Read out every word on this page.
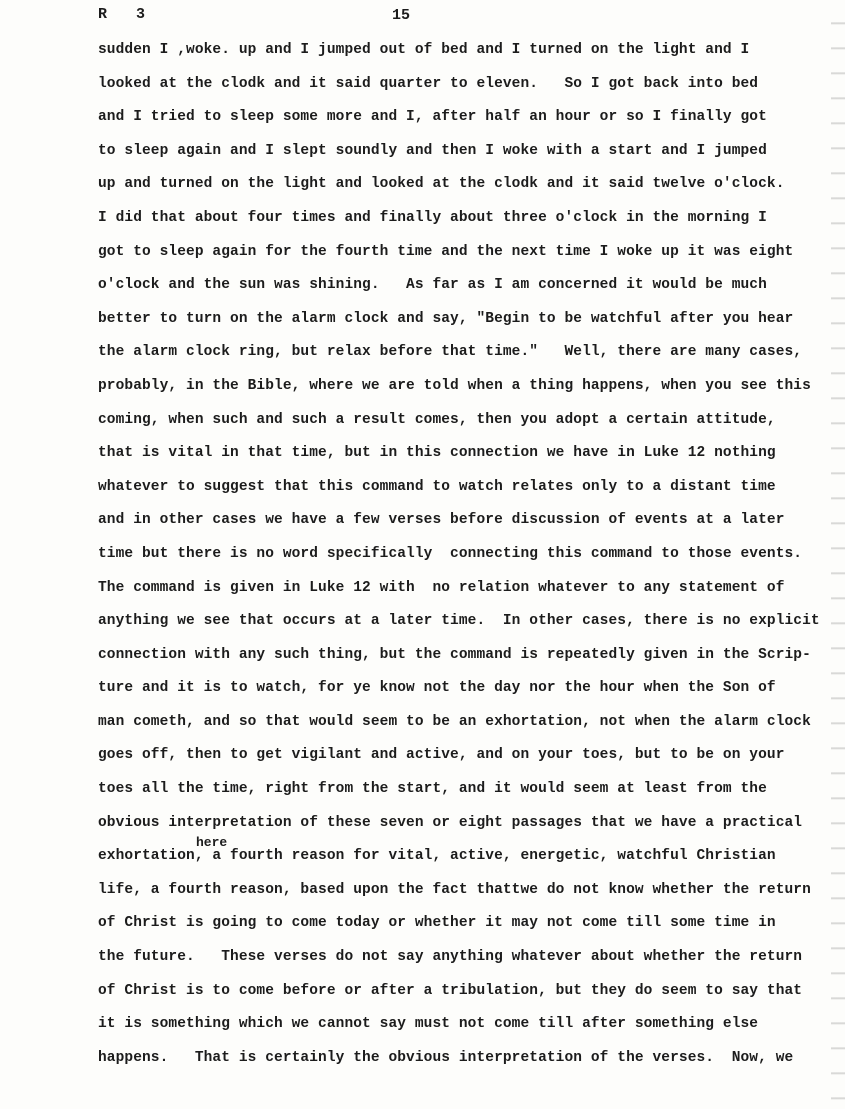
R   3	15
sudden I ,woke. up and I jumped out of bed and I turned on the light and I
looked at the clodk and it said quarter to eleven.   So I got back into bed
and I tried to sleep some more and I, after half an hour or so I finally got
to sleep again and I slept soundly and then I woke with a start and I jumped
up and turned on the light and looked at the clodk and it said twelve o'clock.
I did that about four times and finally about three o'clock in the morning I
got to sleep again for the fourth time and the next time I woke up it was eight
o'clock and the sun was shining.   As far as I am concerned it would be much
better to turn on the alarm clock and say, "Begin to be watchful after you hear
the alarm clock ring, but relax before that time."   Well, there are many cases,
probably, in the Bible, where we are told when a thing happens, when you see this
coming, when such and such a result comes, then you adopt a certain attitude,
that is vital in that time, but in this connection we have in Luke 12 nothing
whatever to suggest that this command to watch relates only to a distant time
and in other cases we have a few verses before discussion of events at a later
time but there is no word specifically  connecting this command to those events.
The command is given in Luke 12 with  no relation whatever to any statement of
anything we see that occurs at a later time.  In other cases, there is no explicit
connection with any such thing, but the command is repeatedly given in the Scrip-
ture and it is to watch, for ye know not the day nor the hour when the Son of
man cometh, and so that would seem to be an exhortation, not when the alarm clock
goes off, then to get vigilant and active, and on your toes, but to be on your
toes all the time, right from the start, and it would seem at least from the
obvious interpretation of these seven or eight passages that we have a practical
exhortation, a fourth reason for vital, active, energetic, watchful Christian
life, a fourth reason, based upon the fact thattwe do not know whether the return
of Christ is going to come today or whether it may not come till some time in
the future.   These verses do not say anything whatever about whether the return
of Christ is to come before or after a tribulation, but they do seem to say that
it is something which we cannot say must not come till after something else
happens.   That is certainly the obvious interpretation of the verses.  Now, we
here
